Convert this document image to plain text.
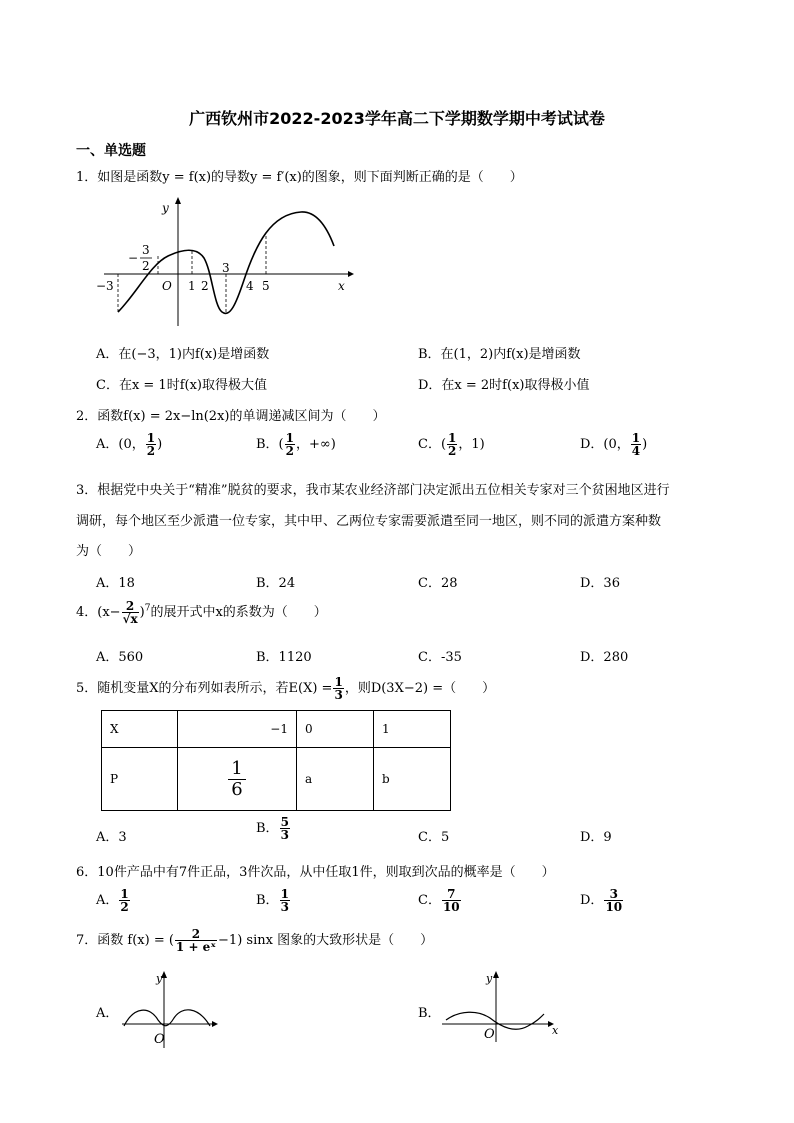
广西钦州市2022-2023学年高二下学期数学期中考试试卷
一、单选题
1．如图是函数y = f(x)的导数y = f′(x)的图象，则下面判断正确的是（　　）
y
x
O
−3
−
3
2
1 2
3
4 5
A．在(−3，1)内f(x)是增函数	B．在(1，2)内f(x)是增函数
C．在x = 1时f(x)取得极大值	D．在x = 2时f(x)取得极小值
2．函数f(x) = 2x−ln(2x)的单调递减区间为（　　）
A．(0， $\frac{1}{2}$ )	B．( $\frac{1}{2}$ ，+∞)	C．( $\frac{1}{2}$ ，1)	D．(0， $\frac{1}{4}$ )
3．根据党中央关于“精准”脱贫的要求，我市某农业经济部门决定派出五位相关专家对三个贫困地区进行
调研，每个地区至少派遣一位专家，其中甲、乙两位专家需要派遣至同一地区，则不同的派遣方案种数
为（　　）
A．18	B．24	C．28	D．36
4．$(x- \frac{2}{√x} )^7$的展开式中x的系数为（　　）
A．560	B．1120	C．-35	D．280
5．随机变量X的分布列如表所示，若$E(X) = \frac{1}{3}$ ，则D(3X−2) =（　　）
X	−1	0	1
P	$\frac{1}{6}$	a	b
A．3
B． $\frac{5}{3}$	C．5	D．9
6．10件产品中有7件正品，3件次品，从中任取1件，则取到次品的概率是（　　）
A． $\frac{1}{2}$	B． $\frac{1}{3}$	C． $\frac{7}{10}$	D． $\frac{3}{10}$
7．函数 f(x) = ( $\frac{2}{\text{1 + eˣ}} -1$) sinx 图象的大致形状是（　　）
A．
y
O
B．
y
O	x
